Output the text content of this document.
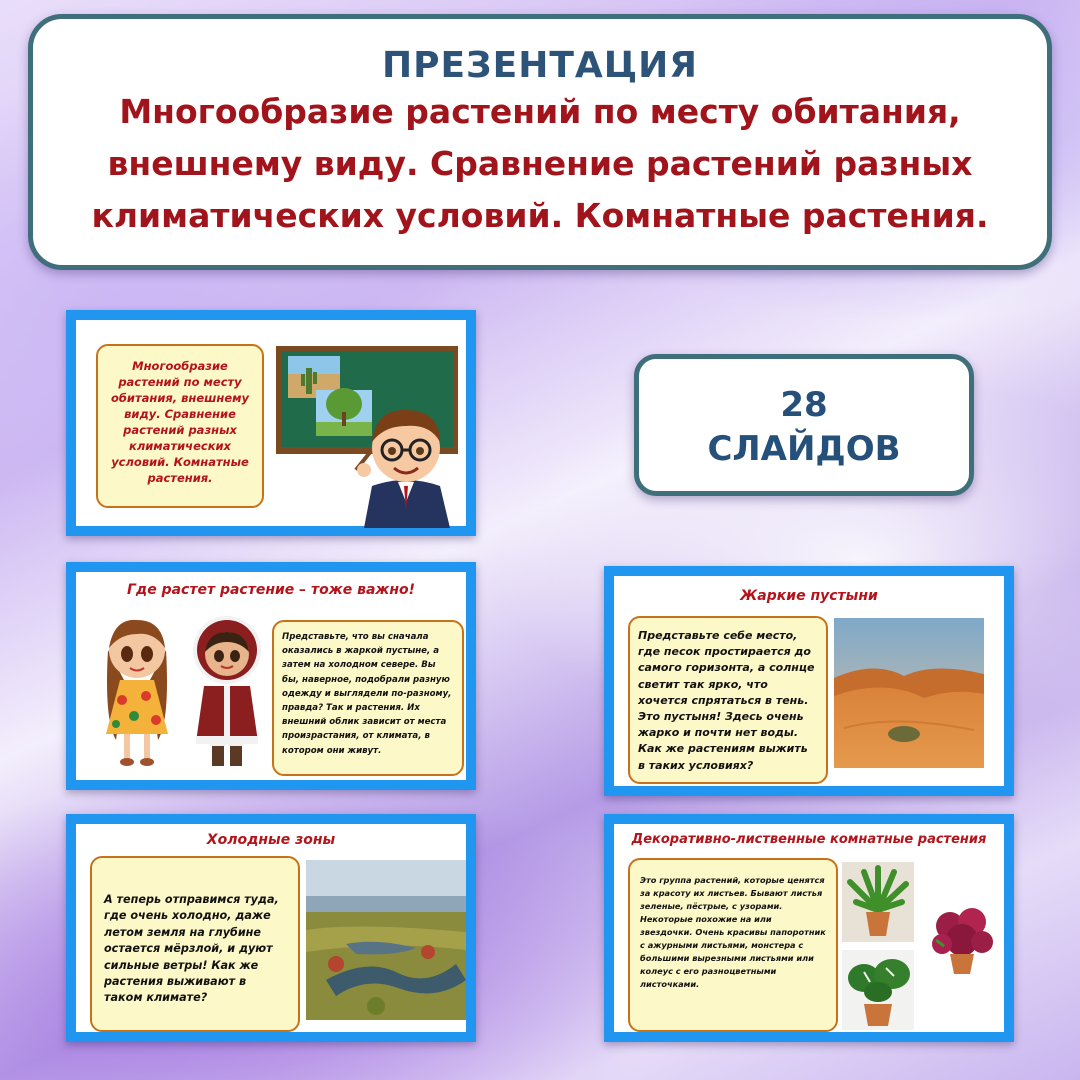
ПРЕЗЕНТАЦИЯ
Многообразие растений по месту обитания, внешнему виду. Сравнение растений разных климатических условий. Комнатные растения.
28
СЛАЙДОВ
Многообразие растений по месту обитания, внешнему виду. Сравнение растений разных климатических условий. Комнатные растения.
Где растет растение – тоже важно!
Представьте, что вы сначала оказались в жаркой пустыне, а затем на холодном севере. Вы бы, наверное, подобрали разную одежду и выглядели по-разному, правда? Так и растения. Их внешний облик зависит от места произрастания, от климата, в котором они живут.
Жаркие пустыни
Представьте себе место, где песок простирается до самого горизонта, а солнце светит так ярко, что хочется спрятаться в тень. Это пустыня! Здесь очень жарко и почти нет воды. Как же растениям выжить в таких условиях?
Холодные зоны
А теперь отправимся туда, где очень холодно, даже летом земля на глубине остается мёрзлой, и дуют сильные ветры! Как же растения выживают в таком климате?
Декоративно-лиственные комнатные растения
Это группа растений, которые ценятся за красоту их листьев. Бывают листья зеленые, пёстрые, с узорами. Некоторые похожие на или звездочки. Очень красивы папоротник с ажурными листьями, монстера с большими вырезными листьями или колеус с его разноцветными листочками.
